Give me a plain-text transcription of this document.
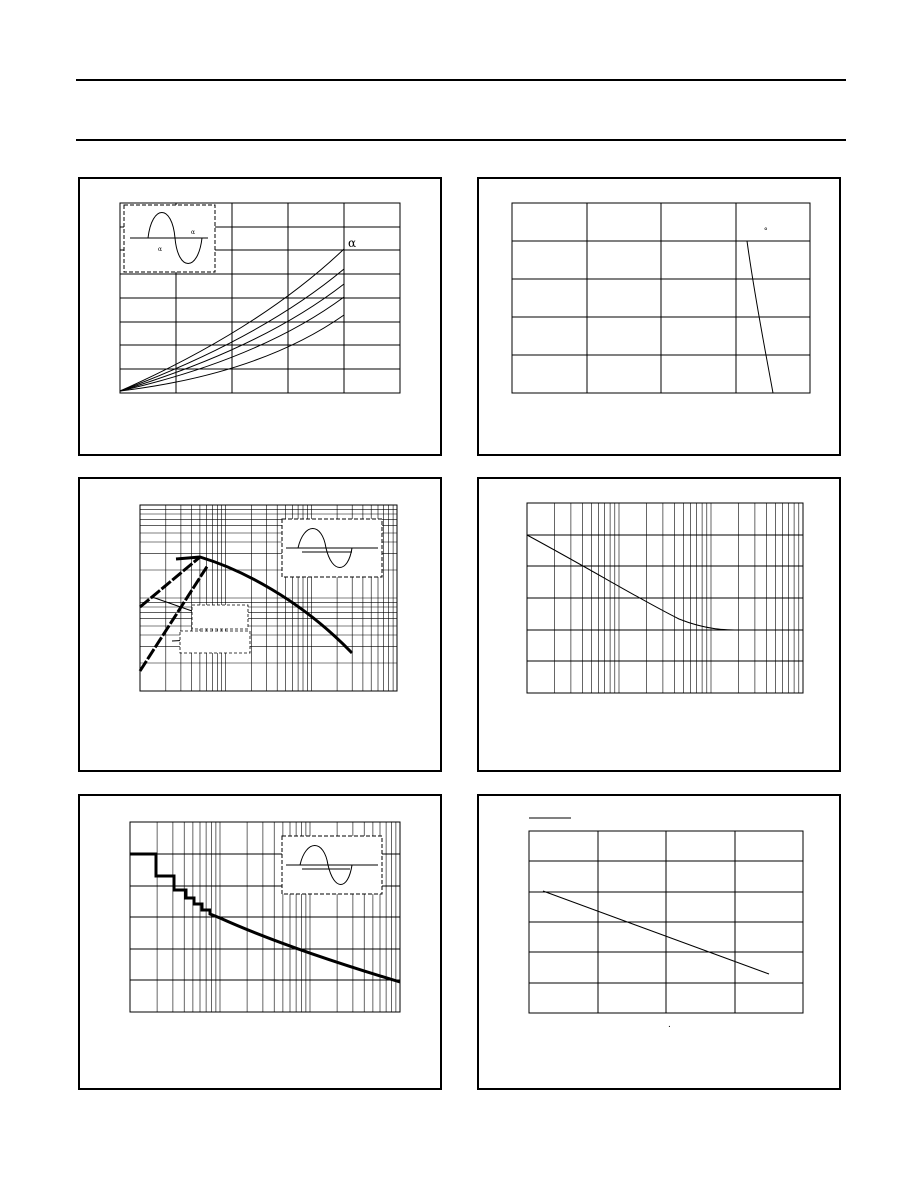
α
α
α	°
.
